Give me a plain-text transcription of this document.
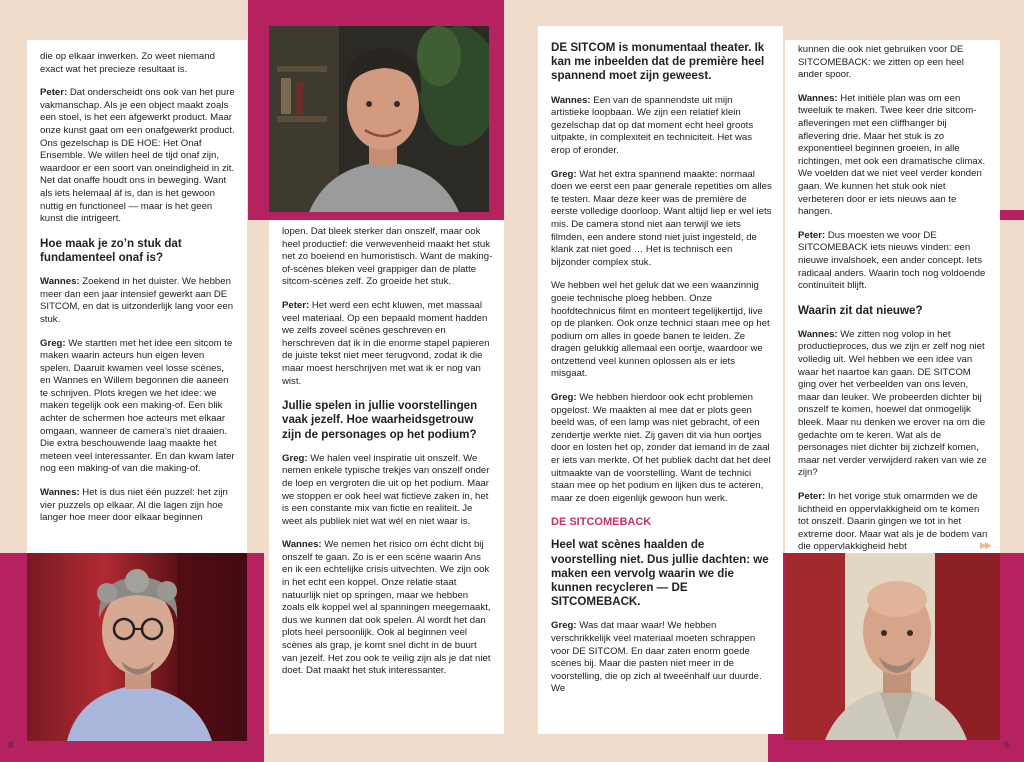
die op elkaar inwerken. Zo weet niemand exact wat het precieze resultaat is.

Peter: Dat onderscheidt ons ook van het pure vakmanschap. Als je een object maakt zoals een stoel, is het een afgewerkt product. Maar onze kunst gaat om een onafgewerkt product. Ons gezelschap is DE HOE: Het Onaf Ensemble. We willen heel de tijd onaf zijn, waardoor er een soort van oneindigheid in zit. Net dat onaffe houdt ons in beweging. Want als iets helemaal áf is, dan is het gewoon nuttig en functioneel — maar is het geen kunst die intrigeert.

Hoe maak je zo’n stuk dat fundamenteel onaf is?

Wannes: Zoekend in het duister. We hebben meer dan een jaar intensief gewerkt aan DE SITCOM, en dat is uitzonderlijk lang voor een stuk.

Greg: We startten met het idee een sitcom te maken waarin acteurs hun eigen leven spelen. Daaruit kwamen veel losse scènes, en Wannes en Willem begonnen die aaneen te schrijven. Plots kregen we het idee: we maken tegelijk ook een making-of. Een blik achter de schermen hoe acteurs met elkaar omgaan, wanneer de camera’s niet draaien. Die extra beschouwende laag maakte het meteen veel interessanter. En dan kwam later nog een making-of van die making-of.

Wannes: Het is dus niet één puzzel: het zijn vier puzzels op elkaar. Al die lagen zijn hoe langer hoe meer door elkaar beginnen

8

lopen. Dat bleek sterker dan onszelf, maar ook heel productief: die verwevenheid maakt het stuk net zo boeiend en humoristisch. Want de making-of-scènes bleken veel grappiger dan de platte sitcom-scènes zelf. Zo groeide het stuk.

Peter: Het werd een echt kluwen, met massaal veel materiaal. Op een bepaald moment hadden we zelfs zoveel scènes geschreven en herschreven dat ik in die enorme stapel papieren de juiste tekst niet meer terugvond, zodat ik die maar moest herschrijven met wat ik er nog van wist.

Jullie spelen in jullie voorstellingen vaak jezelf. Hoe waarheidsgetrouw zijn de personages op het podium?

Greg: We halen veel inspiratie uit onszelf. We nemen enkele typische trekjes van onszelf onder de loep en vergroten die uit op het podium. Maar we stoppen er ook heel wat fictieve zaken in, het is een constante mix van fictie en realiteit. Je weet als publiek niet wat wél en niet waar is.

Wannes: We nemen het risico om écht dicht bij onszelf te gaan. Zo is er een scène waarin Ans en ik een echtelijke crisis uitvechten. We zijn ook in het echt een koppel. Onze relatie staat natuurlijk niet op springen, maar we hebben zoals elk koppel wel al spanningen meegemaakt, dus we kunnen dat ook spelen. Al wordt het dan plots heel persoonlijk. Ook al beginnen veel scènes als grap, je komt snel dicht in de buurt van jezelf. Het zou ook te veilig zijn als je dat niet doet. Dat maakt het stuk interessanter.

DE SITCOM is monumentaal theater. Ik kan me inbeelden dat de première heel spannend moet zijn geweest.

Wannes: Een van de spannendste uit mijn artistieke loopbaan. We zijn een relatief klein gezelschap dat op dat moment echt heel groots uitpakte, in complexiteit en techniciteit. Het was erop of eronder.

Greg: Wat het extra spannend maakte: normaal doen we eerst een paar generale repetities om alles te testen. Maar deze keer was de première de eerste volledige doorloop. Want altijd liep er wel iets mis. De camera stond niet aan terwijl we iets filmden, een andere stond niet juist ingesteld, de klank zat niet goed … Het is technisch een bijzonder complex stuk.

We hebben wel het geluk dat we een waanzinnig goeie technische ploeg hebben. Onze hoofdtechnicus filmt en monteert tegelijkertijd, live op de planken. Ook onze technici staan mee op het podium om alles in goede banen te leiden. Ze dragen gelukkig allemaal een oortje, waardoor we ontzettend veel kunnen oplossen als er iets misgaat.

Greg: We hebben hierdoor ook echt problemen opgelost. We maakten al mee dat er plots geen beeld was, of een lamp was niet gebracht, of een zendertje werkte niet. Zij gaven dit via hun oortjes door en losten het op, zonder dat iemand in de zaal er iets van merkte. Of het publiek dacht dat het deel uitmaakte van de voorstelling. Want de technici staan mee op het podium en lijken dus te acteren, maar ze doen eigenlijk gewoon hun werk.

DE SITCOMEBACK
Heel wat scènes haalden de voorstelling niet. Dus jullie dachten: we maken een vervolg waarin we die kunnen recycleren — DE SITCOMEBACK.

Greg: Was dat maar waar! We hebben verschrikkelijk veel materiaal moeten schrappen voor DE SITCOM. En daar zaten enorm goede scènes bij. Maar die pasten niet meer in de voorstelling, die op zich al tweeënhalf uur duurde. We

kunnen die ook niet gebruiken voor DE SITCOMEBACK: we zitten op een heel ander spoor.

Wannes: Het initiële plan was om een tweeluik te maken. Twee keer drie sitcom-afleveringen met een cliffhanger bij aflevering drie. Maar het stuk is zo exponentieel beginnen groeien, in alle richtingen, met ook een dramatische climax. We voelden dat we niet veel verder konden gaan. We kunnen het stuk ook niet verbeteren door er iets nieuws aan te hangen.

Peter: Dus moesten we voor DE SITCOMEBACK iets nieuws vinden: een nieuwe invalshoek, een ander concept. Iets radicaal anders. Waarin toch nog voldoende continuïteit blijft.

Waarin zit dat nieuwe?

Wannes: We zitten nog volop in het productieproces, dus we zijn er zelf nog niet volledig uit. Wel hebben we een idee van waar het naartoe kan gaan. DE SITCOM ging over het verbeelden van ons leven, maar dan leuker. We probeerden dichter bij onszelf te komen, hoewel dat onmogelijk bleek. Maar nu denken we erover na om die gedachte om te keren. Wat als de personages niet dichter bij zichzelf komen, maar net verder verwijderd raken van wie ze zijn?

Peter: In het vorige stuk omarmden we de lichtheid en oppervlakkigheid om te komen tot onszelf. Daarin gingen we tot in het extreme door. Maar wat als je de bodem van die oppervlakkigheid hebt	▶▶
9
